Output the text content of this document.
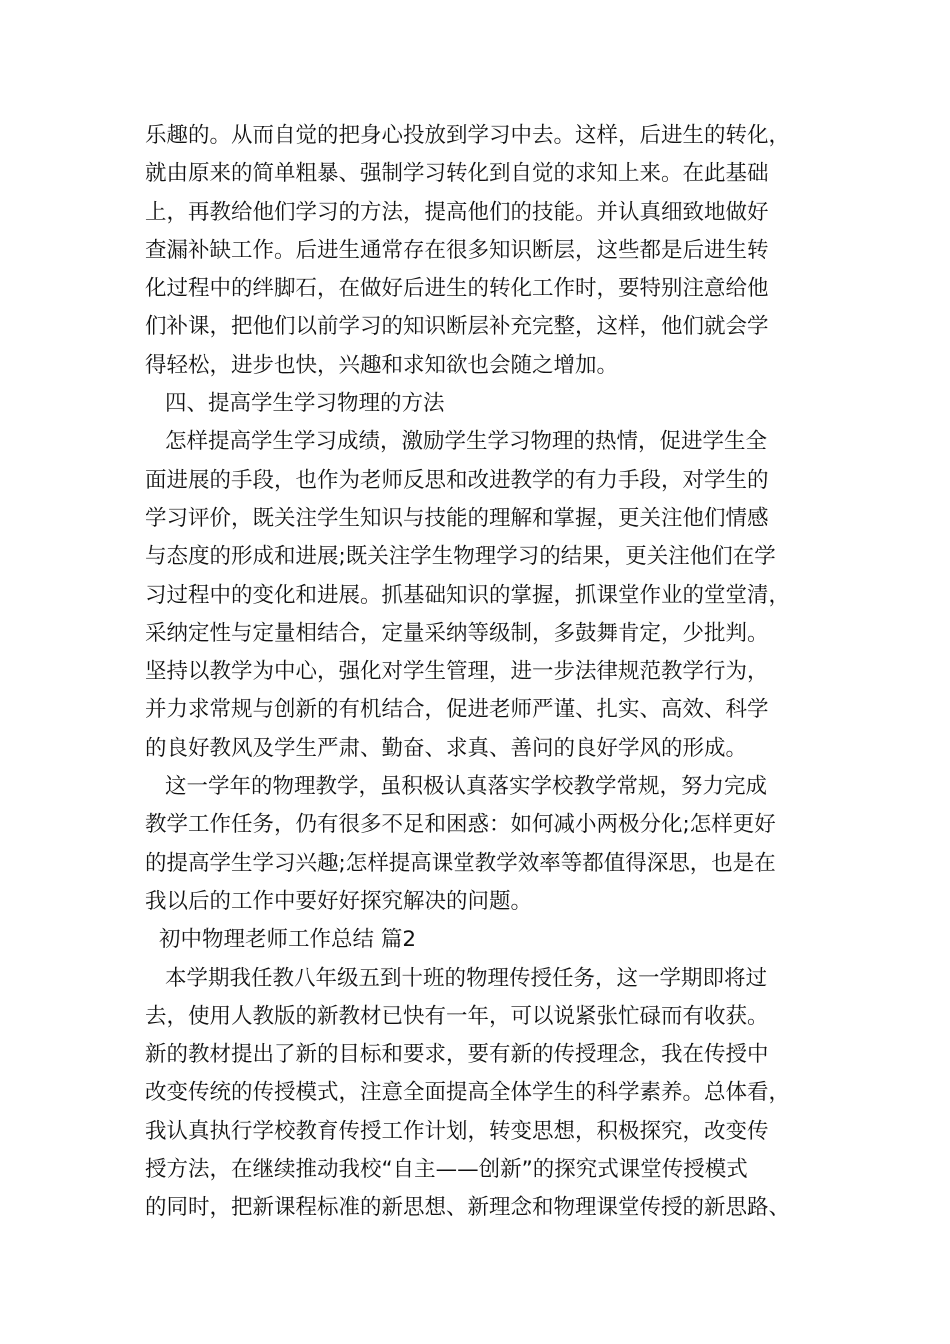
乐趣的。从而自觉的把身心投放到学习中去。这样，后进生的转化，
就由原来的简单粗暴、强制学习转化到自觉的求知上来。在此基础
上，再教给他们学习的方法，提高他们的技能。并认真细致地做好
查漏补缺工作。后进生通常存在很多知识断层，这些都是后进生转
化过程中的绊脚石，在做好后进生的转化工作时，要特别注意给他
们补课，把他们以前学习的知识断层补充完整，这样，他们就会学
得轻松，进步也快，兴趣和求知欲也会随之增加。
四、提高学生学习物理的方法
怎样提高学生学习成绩，激励学生学习物理的热情，促进学生全
面进展的手段，也作为老师反思和改进教学的有力手段，对学生的
学习评价，既关注学生知识与技能的理解和掌握，更关注他们情感
与态度的形成和进展;既关注学生物理学习的结果，更关注他们在学
习过程中的变化和进展。抓基础知识的掌握，抓课堂作业的堂堂清，
采纳定性与定量相结合，定量采纳等级制，多鼓舞肯定，少批判。
坚持以教学为中心，强化对学生管理，进一步法律规范教学行为，
并力求常规与创新的有机结合，促进老师严谨、扎实、高效、科学
的良好教风及学生严肃、勤奋、求真、善问的良好学风的形成。
这一学年的物理教学，虽积极认真落实学校教学常规，努力完成
教学工作任务，仍有很多不足和困惑：如何减小两极分化;怎样更好
的提高学生学习兴趣;怎样提高课堂教学效率等都值得深思，也是在
我以后的工作中要好好探究解决的问题。
初中物理老师工作总结 篇2
本学期我任教八年级五到十班的物理传授任务，这一学期即将过
去，使用人教版的新教材已快有一年，可以说紧张忙碌而有收获。
新的教材提出了新的目标和要求，要有新的传授理念，我在传授中
改变传统的传授模式，注意全面提高全体学生的科学素养。总体看，
我认真执行学校教育传授工作计划，转变思想，积极探究，改变传
授方法，在继续推动我校“自主——创新”的探究式课堂传授模式
的同时，把新课程标准的新思想、新理念和物理课堂传授的新思路、
